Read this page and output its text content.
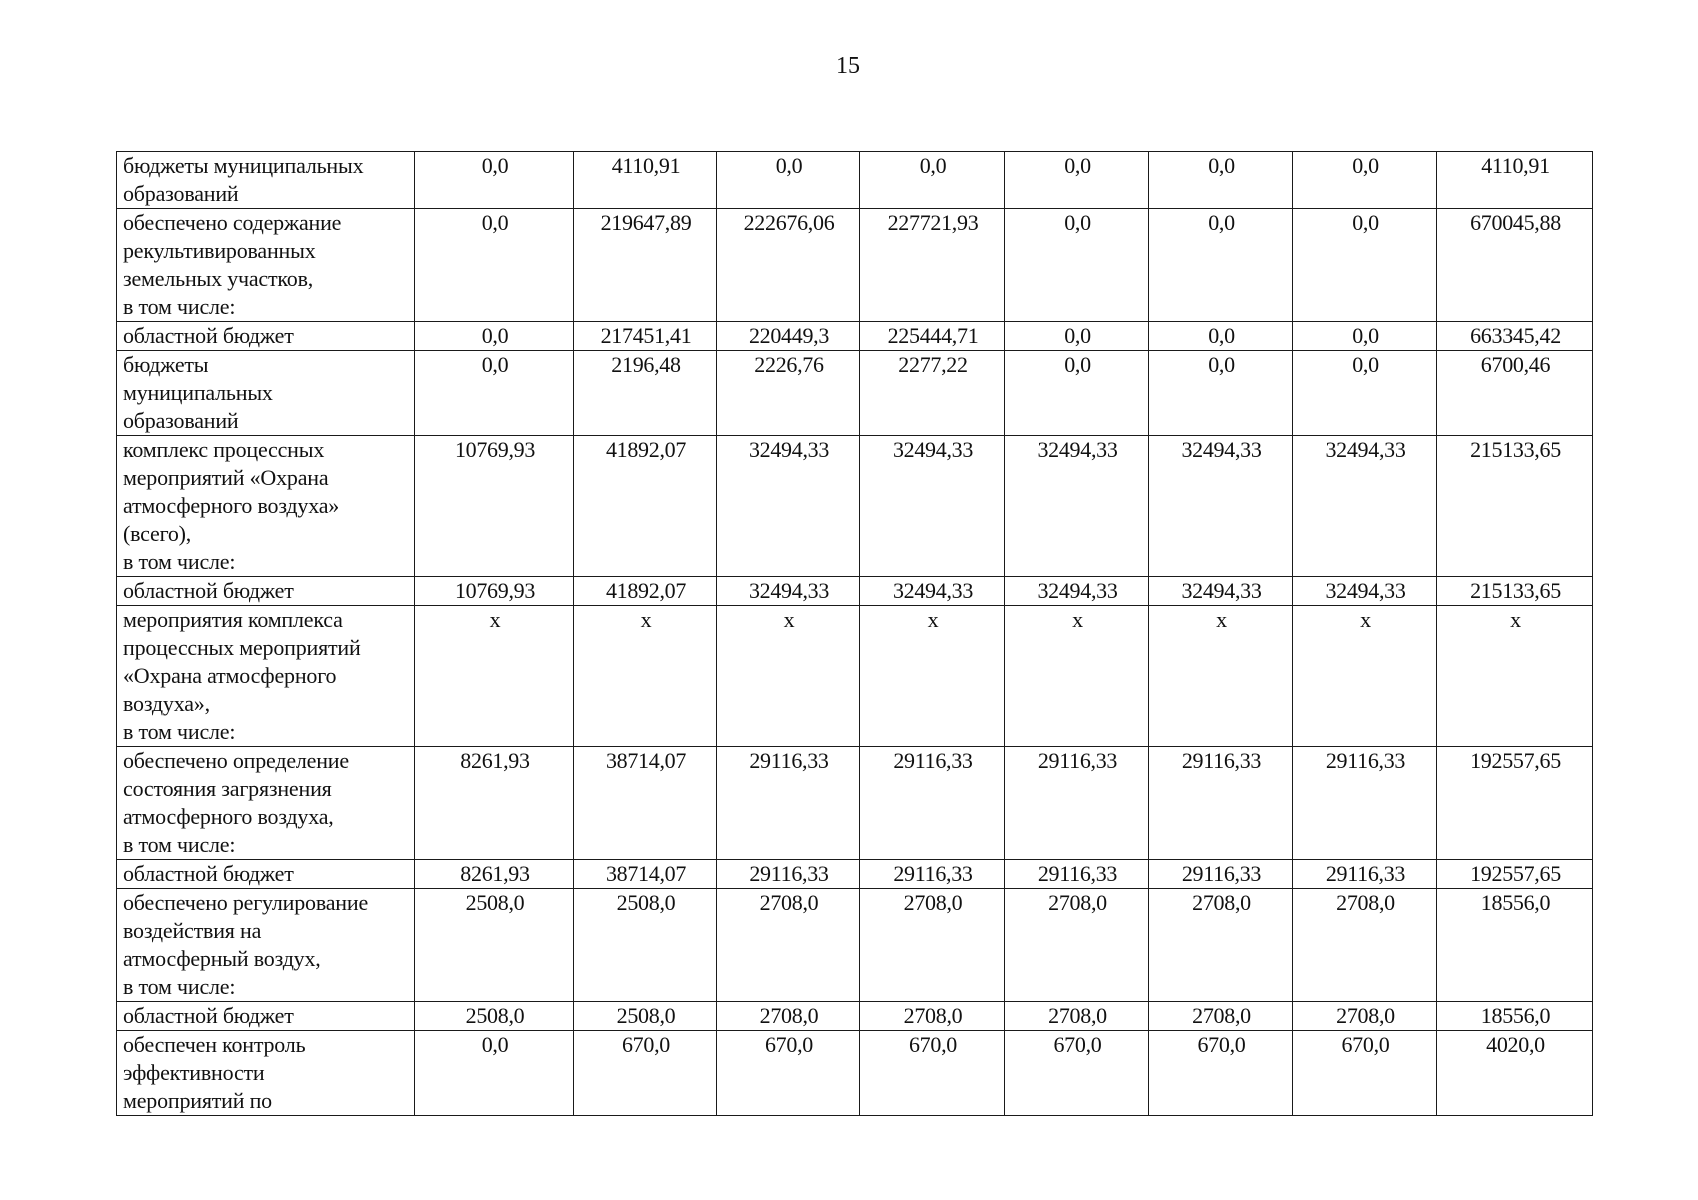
15
бюджеты муниципальных
образований	0,0	4110,91	0,0	0,0	0,0	0,0	0,0	4110,91

обеспечено содержание
рекультивированных
земельных участков,
в том числе:	0,0	219647,89	222676,06	227721,93	0,0	0,0	0,0	670045,88

областной бюджет	0,0	217451,41	220449,3	225444,71	0,0	0,0	0,0	663345,42

бюджеты
муниципальных
образований	0,0	2196,48	2226,76	2277,22	0,0	0,0	0,0	6700,46

комплекс процессных
мероприятий «Охрана
атмосферного воздуха»
(всего),
в том числе:	10769,93	41892,07	32494,33	32494,33	32494,33	32494,33	32494,33	215133,65

областной бюджет	10769,93	41892,07	32494,33	32494,33	32494,33	32494,33	32494,33	215133,65

мероприятия комплекса
процессных мероприятий
«Охрана атмосферного
воздуха»,
в том числе:	x	x	x	x	x	x	x	x

обеспечено определение
состояния загрязнения
атмосферного воздуха,
в том числе:	8261,93	38714,07	29116,33	29116,33	29116,33	29116,33	29116,33	192557,65

областной бюджет	8261,93	38714,07	29116,33	29116,33	29116,33	29116,33	29116,33	192557,65

обеспечено регулирование
воздействия на
атмосферный воздух,
в том числе:	2508,0	2508,0	2708,0	2708,0	2708,0	2708,0	2708,0	18556,0

областной бюджет	2508,0	2508,0	2708,0	2708,0	2708,0	2708,0	2708,0	18556,0

обеспечен контроль
эффективности
мероприятий по	0,0	670,0	670,0	670,0	670,0	670,0	670,0	4020,0
